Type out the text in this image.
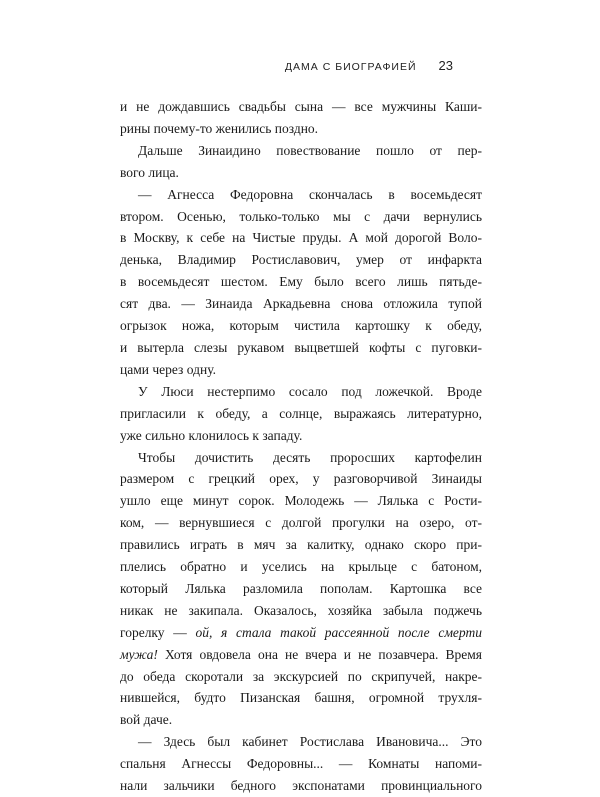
ДАМА С БИОГРАФИЕЙ 23
и не дождавшись свадьбы сына — все мужчины Каши-
рины почему-то женились поздно.
Дальше Зинаидино повествование пошло от пер-
вого лица.
— Агнесса Федоровна скончалась в восемьдесят
втором. Осенью, только-только мы с дачи вернулись
в Москву, к себе на Чистые пруды. А мой дорогой Воло-
денька, Владимир Ростиславович, умер от инфаркта
в восемьдесят шестом. Ему было всего лишь пятьде-
сят два. — Зинаида Аркадьевна снова отложила тупой
огрызок ножа, которым чистила картошку к обеду,
и вытерла слезы рукавом выцветшей кофты с пуговки-
цами через одну.
У Люси нестерпимо сосало под ложечкой. Вроде
пригласили к обеду, а солнце, выражаясь литературно,
уже сильно клонилось к западу.
Чтобы дочистить десять проросших картофелин
размером с грецкий орех, у разговорчивой Зинаиды
ушло еще минут сорок. Молодежь — Лялька с Рости-
ком, — вернувшиеся с долгой прогулки на озеро, от-
правились играть в мяч за калитку, однако скоро при-
плелись обратно и уселись на крыльце с батоном,
который Лялька разломила пополам. Картошка все
никак не закипала. Оказалось, хозяйка забыла поджечь
горелку — ой, я стала такой рассеянной после смерти
мужа! Хотя овдовела она не вчера и не позавчера. Время
до обеда скоротали за экскурсией по скрипучей, накре-
нившейся, будто Пизанская башня, огромной трухля-
вой даче.
— Здесь был кабинет Ростислава Ивановича... Это
спальня Агнессы Федоровны... — Комнаты напоми-
нали зальчики бедного экспонатами провинциального
